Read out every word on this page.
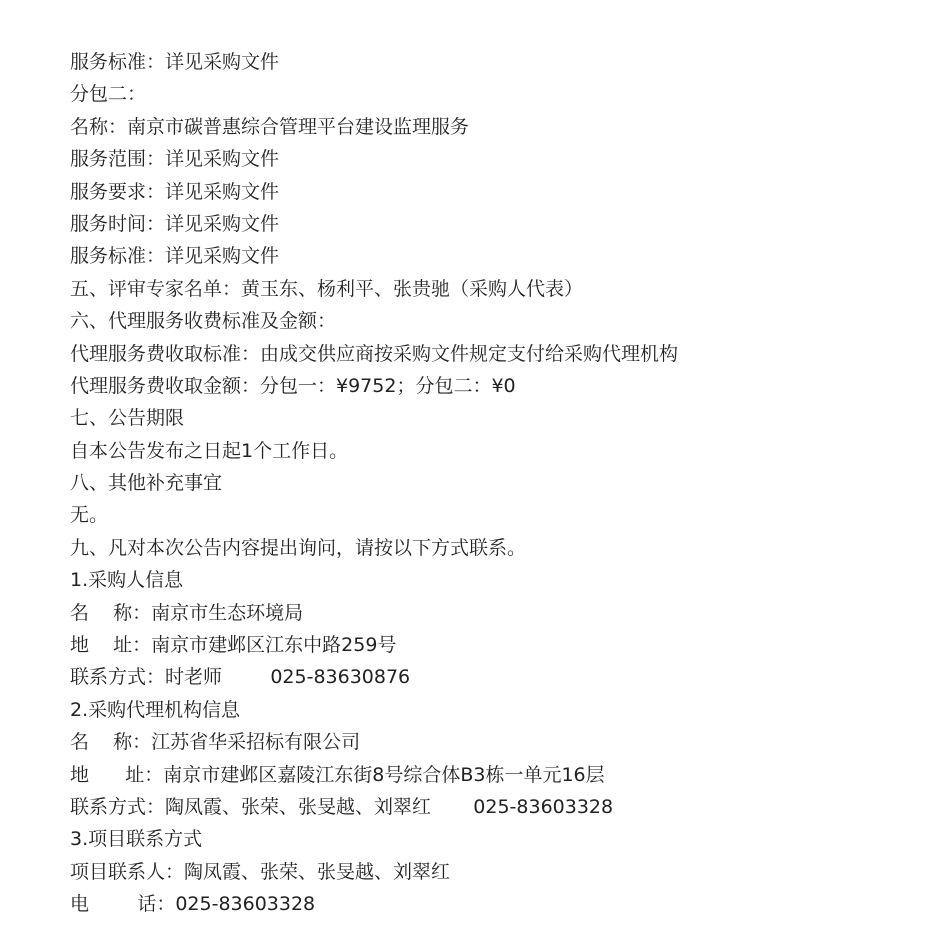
服务标准：详见采购文件
分包二：
名称：南京市碳普惠综合管理平台建设监理服务
服务范围：详见采购文件
服务要求：详见采购文件
服务时间：详见采购文件
服务标准：详见采购文件
五、评审专家名单：黄玉东、杨利平、张贵驰（采购人代表）
六、代理服务收费标准及金额：
代理服务费收取标准：由成交供应商按采购文件规定支付给采购代理机构
代理服务费收取金额：分包一：¥9752；分包二：¥0
七、公告期限
自本公告发布之日起1个工作日。
八、其他补充事宜
无。
九、凡对本次公告内容提出询问，请按以下方式联系。
1.采购人信息
名    称：南京市生态环境局
地    址：南京市建邺区江东中路259号
联系方式：时老师        025-83630876
2.采购代理机构信息
名    称：江苏省华采招标有限公司
地      址：南京市建邺区嘉陵江东街8号综合体B3栋一单元16层
联系方式：陶凤霞、张荣、张旻越、刘翠红       025-83603328
3.项目联系方式
项目联系人：陶凤霞、张荣、张旻越、刘翠红
电        话：025-83603328
